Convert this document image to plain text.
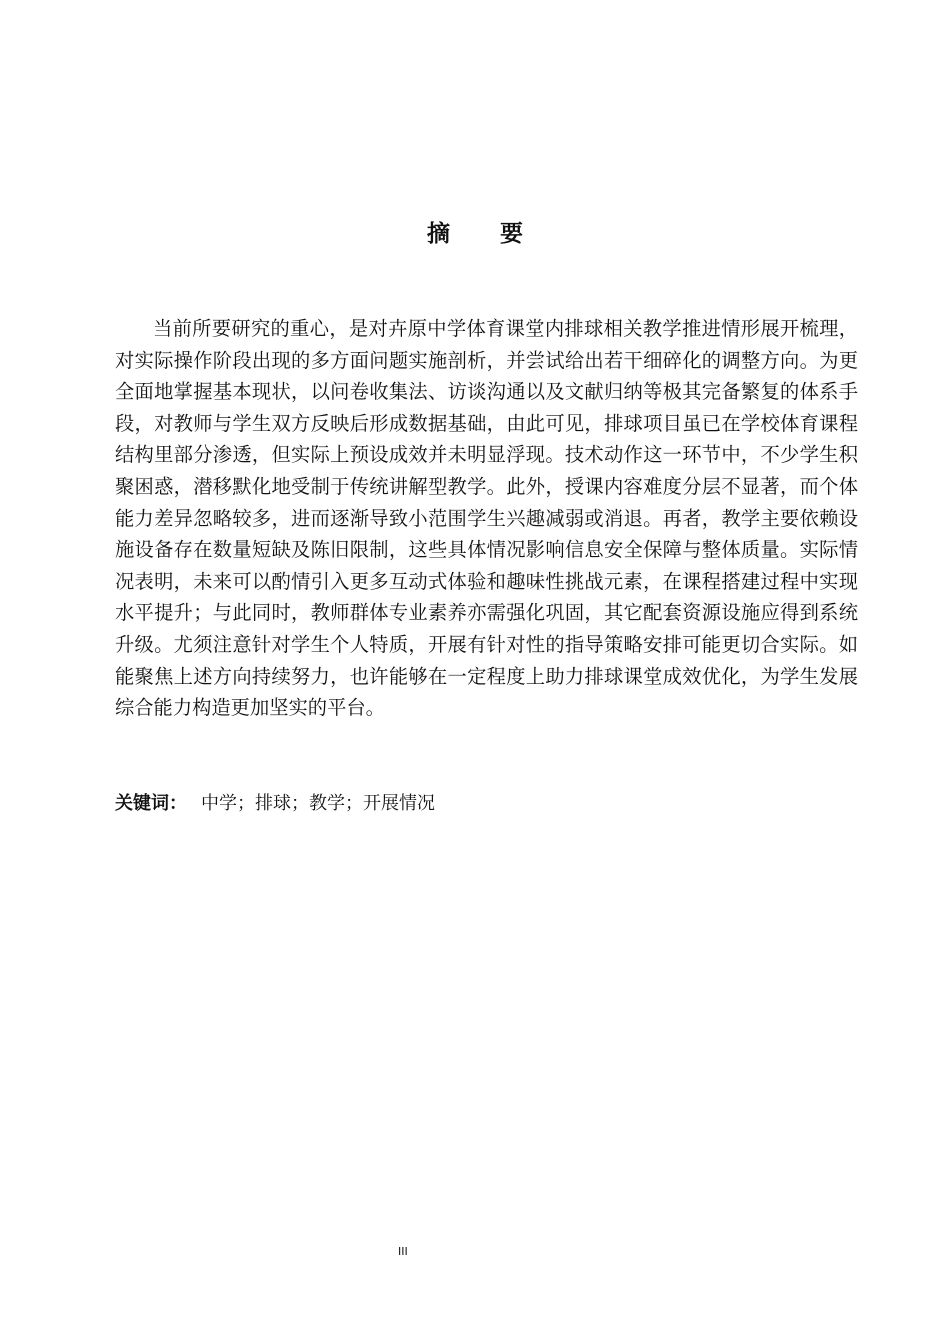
摘 要
当前所要研究的重心，是对卉原中学体育课堂内排球相关教学推进情形展开梳理，
对实际操作阶段出现的多方面问题实施剖析，并尝试给出若干细碎化的调整方向。为更
全面地掌握基本现状，以问卷收集法、访谈沟通以及文献归纳等极其完备繁复的体系手
段，对教师与学生双方反映后形成数据基础，由此可见，排球项目虽已在学校体育课程
结构里部分渗透，但实际上预设成效并未明显浮现。技术动作这一环节中，不少学生积
聚困惑，潜移默化地受制于传统讲解型教学。此外，授课内容难度分层不显著，而个体
能力差异忽略较多，进而逐渐导致小范围学生兴趣减弱或消退。再者，教学主要依赖设
施设备存在数量短缺及陈旧限制，这些具体情况影响信息安全保障与整体质量。实际情
况表明，未来可以酌情引入更多互动式体验和趣味性挑战元素，在课程搭建过程中实现
水平提升；与此同时，教师群体专业素养亦需强化巩固，其它配套资源设施应得到系统
升级。尤须注意针对学生个人特质，开展有针对性的指导策略安排可能更切合实际。如
能聚焦上述方向持续努力，也许能够在一定程度上助力排球课堂成效优化，为学生发展
综合能力构造更加坚实的平台。
关键词： 中学；排球；教学；开展情况
III
